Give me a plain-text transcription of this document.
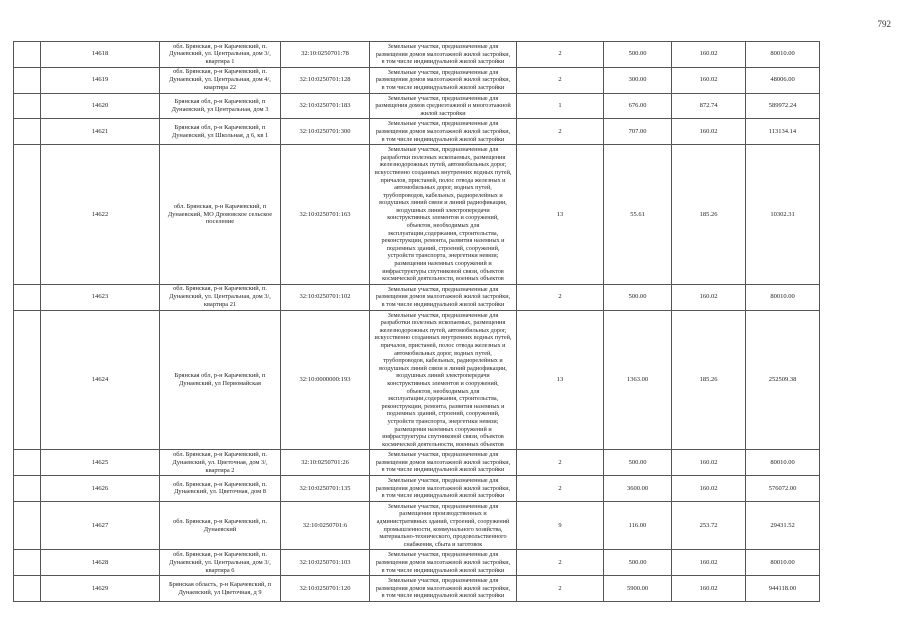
792
	14618	обл. Брянская, р-н Карачевский, п. Дунаевский, ул. Центральная, дом 3/, квартира 1	32:10:0250701:78	Земельные участки, предназначенные для размещения домов малоэтажной жилой застройки, в том числе индивидуальной жилой застройки	2	500.00	160.02	80010.00
	14619	обл. Брянская, р-н Карачевский, п. Дунаевский, ул. Центральная, дом 4/, квартира 22	32:10:0250701:128	Земельные участки, предназначенные для размещения домов малоэтажной жилой застройки, в том числе индивидуальной жилой застройки	2	300.00	160.02	48006.00
	14620	Брянская обл, р-н Карачевский, п Дунаевский, ул Центральная, дом 3	32:10:0250701:183	Земельные участки, предназначенные для размещения домов среднеэтажной и многоэтажной жилой застройки	1	676.00	872.74	589972.24
	14621	Брянская обл, р-н Карачевский, п Дунаевский, ул Школьная, д 6, кв 1	32:10:0250701:300	Земельные участки, предназначенные для размещения домов малоэтажной жилой застройки, в том числе индивидуальной жилой застройки	2	707.00	160.02	113134.14
	14622	обл. Брянская, р-н Карачевский, п Дунаевский, МО Дрововское сельское поселение	32:10:0250701:163	Земельные участки, предназначенные для разработки полезных ископаемых, размещения железнодорожных путей, автомобильных дорог, искусственно созданных внутренних водных путей, причалов, пристаней, полос отвода железных и автомобильных дорог, водных путей, трубопроводов, кабельных, радиорелейных и воздушных линий связи и линий радиофикации, воздушных линий электропередачи конструктивных элементов и сооружений, объектов, необходимых для эксплуатации,содержания, строительства, реконструкции, ремонта, развития наземных и подземных зданий, строений, сооружений, устройств транспорта, энергетики невязи; размещения наземных сооружений и инфраструктуры спутниковой связи, объектов космической деятельности, военных объектов	13	55.61	185.26	10302.31
	14623	обл. Брянская, р-н Карачевский, п. Дунаевский, ул. Центральная, дом 3/, квартира 21	32:10:0250701:102	Земельные участки, предназначенные для размещения домов малоэтажной жилой застройки, в том числе индивидуальной жилой застройки	2	500.00	160.02	80010.00
	14624	Брянская обл, р-н Карачевский, п Дунаевский, ул Первомайская	32:10:0000000:193	Земельные участки, предназначенные для разработки полезных ископаемых, размещения железнодорожных путей, автомобильных дорог, искусственно созданных внутренних водных путей, причалов, пристаней, полос отвода железных и автомобильных дорог, водных путей, трубопроводов, кабельных, радиорелейных и воздушных линий связи и линий радиофикации, воздушных линий электропередачи конструктивных элементов и сооружений, объектов, необходимых для эксплуатации,содержания, строительства, реконструкции, ремонта, развития наземных и подземных зданий, строений, сооружений, устройств транспорта, энергетики невязи; размещения наземных сооружений и инфраструктуры спутниковой связи, объектов космической деятельности, военных объектов	13	1363.00	185.26	252509.38
	14625	обл. Брянская, р-н Карачевский, п. Дунаевский, ул. Цветочная, дом 3/, квартира 2	32:10:0250701:26	Земельные участки, предназначенные для размещения домов малоэтажной жилой застройки, в том числе индивидуальной жилой застройки	2	500.00	160.02	80010.00
	14626	обл. Брянская, р-н Карачевский, п. Дунаевский, ул. Цветочная, дом 8	32:10:0250701:135	Земельные участки, предназначенные для размещения домов малоэтажной жилой застройки, в том числе индивидуальной жилой застройки	2	3600.00	160.02	576072.00
	14627	обл. Брянская, р-н Карачевский, п. Дунаевский	32:10:0250701:6	Земельные участки, предназначенные для размещения производственных и административных зданий, строений, сооружений промышленности, коммунального хозяйства, материально-технического, продовольственного снабжения, сбыта и заготовок	9	116.00	253.72	29431.52
	14628	обл. Брянская, р-н Карачевский, п. Дунаевский, ул. Центральная, дом 3/, квартира 6	32:10:0250701:103	Земельные участки, предназначенные для размещения домов малоэтажной жилой застройки, в том числе индивидуальной жилой застройки	2	500.00	160.02	80010.00
	14629	Брянская область, р-н Карачевский, п Дунаевский, ул Цветочная, д 9	32:10:0250701:120	Земельные участки, предназначенные для размещения домов малоэтажной жилой застройки, в том числе индивидуальной жилой застройки	2	5900.00	160.02	944118.00
